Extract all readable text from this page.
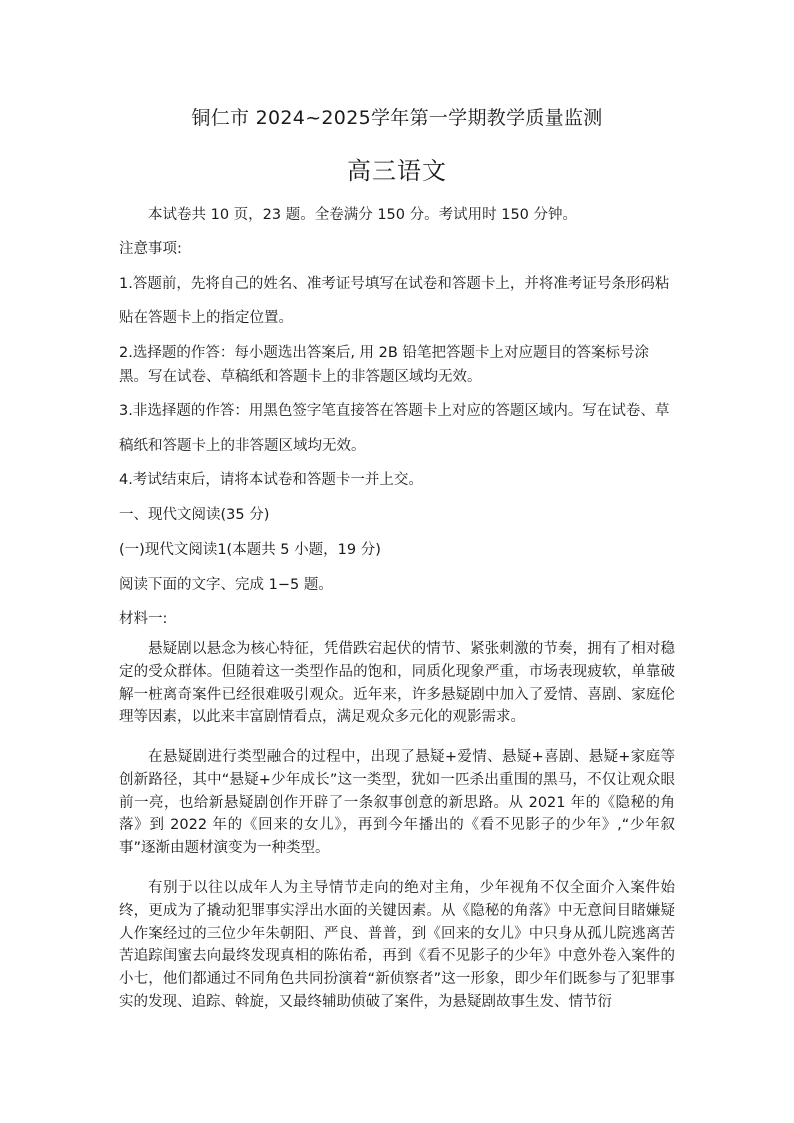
铜仁市 2024~2025学年第一学期教学质量监测
高三语文
本试卷共 10 页，23 题。全卷满分 150 分。考试用时 150 分钟。
注意事项:
1.答题前，先将自己的姓名、准考证号填写在试卷和答题卡上，并将准考证号条形码粘
贴在答题卡上的指定位置。
2.选择题的作答：每小题选出答案后, 用 2B 铅笔把答题卡上对应题目的答案标号涂
黑。写在试卷、草稿纸和答题卡上的非答题区域均无效。
3.非选择题的作答：用黑色签字笔直接答在答题卡上对应的答题区域内。写在试卷、草
稿纸和答题卡上的非答题区域均无效。
4.考试结束后，请将本试卷和答题卡一并上交。
一、现代文阅读(35 分)
(一)现代文阅读1(本题共 5 小题，19 分)
阅读下面的文字、完成 1−5 题。
材料一:
悬疑剧以悬念为核心特征，凭借跌宕起伏的情节、紧张刺激的节奏，拥有了相对稳定的受众群体。但随着这一类型作品的饱和，同质化现象严重，市场表现疲软，单靠破解一桩离奇案件已经很难吸引观众。近年来，许多悬疑剧中加入了爱情、喜剧、家庭伦理等因素，以此来丰富剧情看点，满足观众多元化的观影需求。
在悬疑剧进行类型融合的过程中，出现了悬疑+爱情、悬疑+喜剧、悬疑+家庭等创新路径，其中“悬疑+少年成长”这一类型，犹如一匹杀出重围的黑马，不仅让观众眼前一亮，也给新悬疑剧创作开辟了一条叙事创意的新思路。从 2021 年的《隐秘的角落》到 2022 年的《回来的女儿》，再到今年播出的《看不见影子的少年》,“少年叙事”逐渐由题材演变为一种类型。
有别于以往以成年人为主导情节走向的绝对主角，少年视角不仅全面介入案件始终，更成为了撬动犯罪事实浮出水面的关键因素。从《隐秘的角落》中无意间目睹嫌疑人作案经过的三位少年朱朝阳、严良、普普，到《回来的女儿》中只身从孤儿院逃离苦苦追踪闺蜜去向最终发现真相的陈佑希，再到《看不见影子的少年》中意外卷入案件的小七，他们都通过不同角色共同扮演着“新侦察者”这一形象，即少年们既参与了犯罪事实的发现、追踪、斡旋，又最终辅助侦破了案件，为悬疑剧故事生发、情节衍
